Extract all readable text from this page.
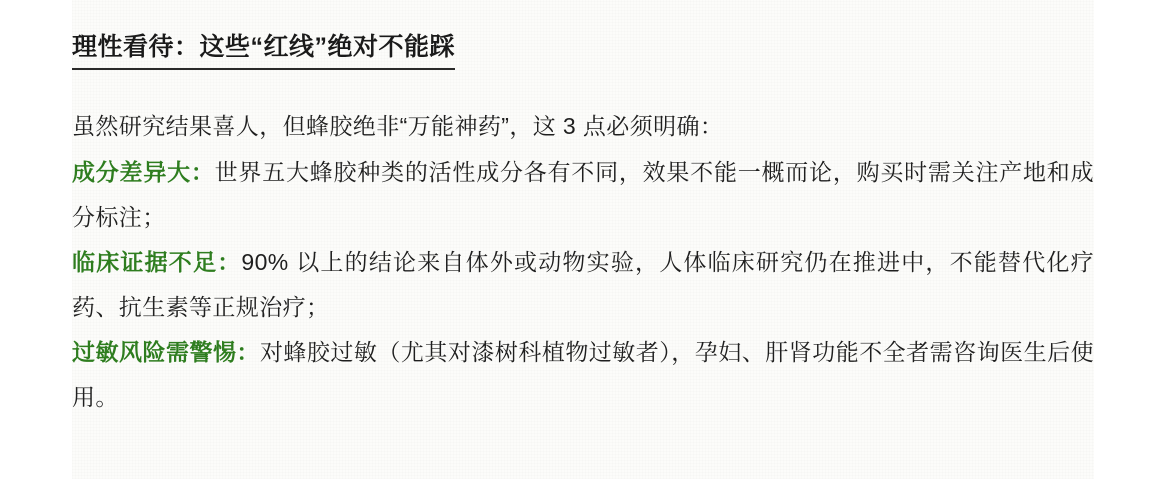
理性看待：这些“红线”绝对不能踩

虽然研究结果喜人，但蜂胶绝非“万能神药”，这 3 点必须明确：

成分差异大：世界五大蜂胶种类的活性成分各有不同，效果不能一概而论，购买时需关注产地和成分标注；

临床证据不足：90% 以上的结论来自体外或动物实验，人体临床研究仍在推进中，不能替代化疗药、抗生素等正规治疗；

过敏风险需警惕：对蜂胶过敏（尤其对漆树科植物过敏者），孕妇、肝肾功能不全者需咨询医生后使用。
